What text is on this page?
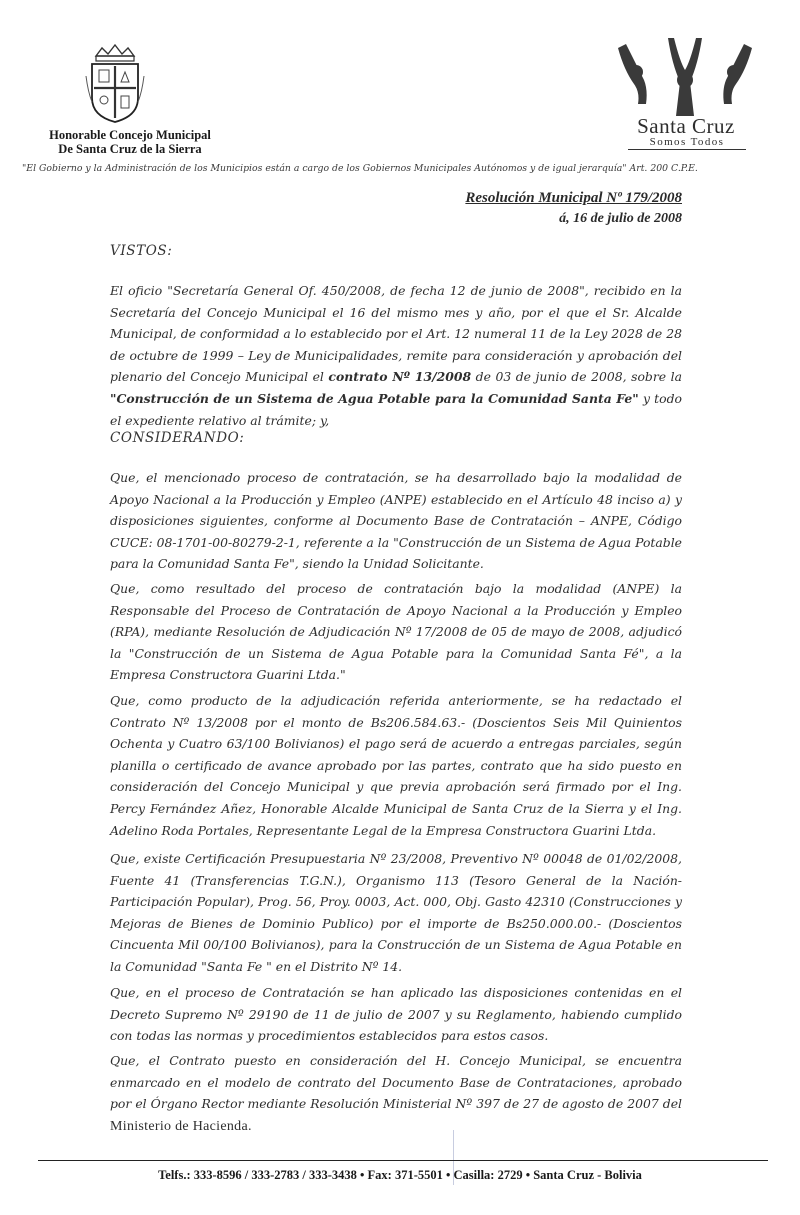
Honorable Concejo Municipal
De Santa Cruz de la Sierra
Santa Cruz
Somos Todos
"El Gobierno y la Administración de los Municipios están a cargo de los Gobiernos Municipales Autónomos y de igual jerarquía" Art. 200 C.P.E.
Resolución Municipal Nº 179/2008
á, 16 de julio de 2008
VISTOS:
El oficio "Secretaría General Of. 450/2008, de fecha 12 de junio de 2008", recibido en la Secretaría del Concejo Municipal el 16 del mismo mes y año, por el que el Sr. Alcalde Municipal, de conformidad a lo establecido por el Art. 12 numeral 11 de la Ley 2028 de 28 de octubre de 1999 – Ley de Municipalidades, remite para consideración y aprobación del plenario del Concejo Municipal el contrato Nº 13/2008 de 03 de junio de 2008, sobre la "Construcción de un Sistema de Agua Potable para la Comunidad Santa Fe" y todo el expediente relativo al trámite; y,
CONSIDERANDO:
Que, el mencionado proceso de contratación, se ha desarrollado bajo la modalidad de Apoyo Nacional a la Producción y Empleo (ANPE) establecido en el Artículo 48 inciso a) y disposiciones siguientes, conforme al Documento Base de Contratación – ANPE, Código CUCE: 08-1701-00-80279-2-1, referente a la "Construcción de un Sistema de Agua Potable para la Comunidad Santa Fe", siendo la Unidad Solicitante.
Que, como resultado del proceso de contratación bajo la modalidad (ANPE) la Responsable del Proceso de Contratación de Apoyo Nacional a la Producción y Empleo (RPA), mediante Resolución de Adjudicación Nº 17/2008 de 05 de mayo de 2008, adjudicó la "Construcción de un Sistema de Agua Potable para la Comunidad Santa Fé", a la Empresa Constructora Guarini Ltda."
Que, como producto de la adjudicación referida anteriormente, se ha redactado el Contrato Nº 13/2008 por el monto de Bs206.584.63.- (Doscientos Seis Mil Quinientos Ochenta y Cuatro 63/100 Bolivianos) el pago será de acuerdo a entregas parciales, según planilla o certificado de avance aprobado por las partes, contrato que ha sido puesto en consideración del Concejo Municipal y que previa aprobación será firmado por el Ing. Percy Fernández Añez, Honorable Alcalde Municipal de Santa Cruz de la Sierra y el Ing. Adelino Roda Portales, Representante Legal de la Empresa Constructora Guarini Ltda.
Que, existe Certificación Presupuestaria Nº 23/2008, Preventivo Nº 00048 de 01/02/2008, Fuente 41 (Transferencias T.G.N.), Organismo 113 (Tesoro General de la Nación-Participación Popular), Prog. 56, Proy. 0003, Act. 000, Obj. Gasto 42310 (Construcciones y Mejoras de Bienes de Dominio Publico) por el importe de Bs250.000.00.- (Doscientos Cincuenta Mil 00/100 Bolivianos), para la Construcción de un Sistema de Agua Potable en la Comunidad "Santa Fe " en el Distrito Nº 14.
Que, en el proceso de Contratación se han aplicado las disposiciones contenidas en el Decreto Supremo Nº 29190 de 11 de julio de 2007 y su Reglamento, habiendo cumplido con todas las normas y procedimientos establecidos para estos casos.
Que, el Contrato puesto en consideración del H. Concejo Municipal, se encuentra enmarcado en el modelo de contrato del Documento Base de Contrataciones, aprobado por el Órgano Rector mediante Resolución Ministerial Nº 397 de 27 de agosto de 2007 del Ministerio de Hacienda.
Telfs.: 333-8596 / 333-2783 / 333-3438 • Fax: 371-5501 • Casilla: 2729 • Santa Cruz - Bolivia
